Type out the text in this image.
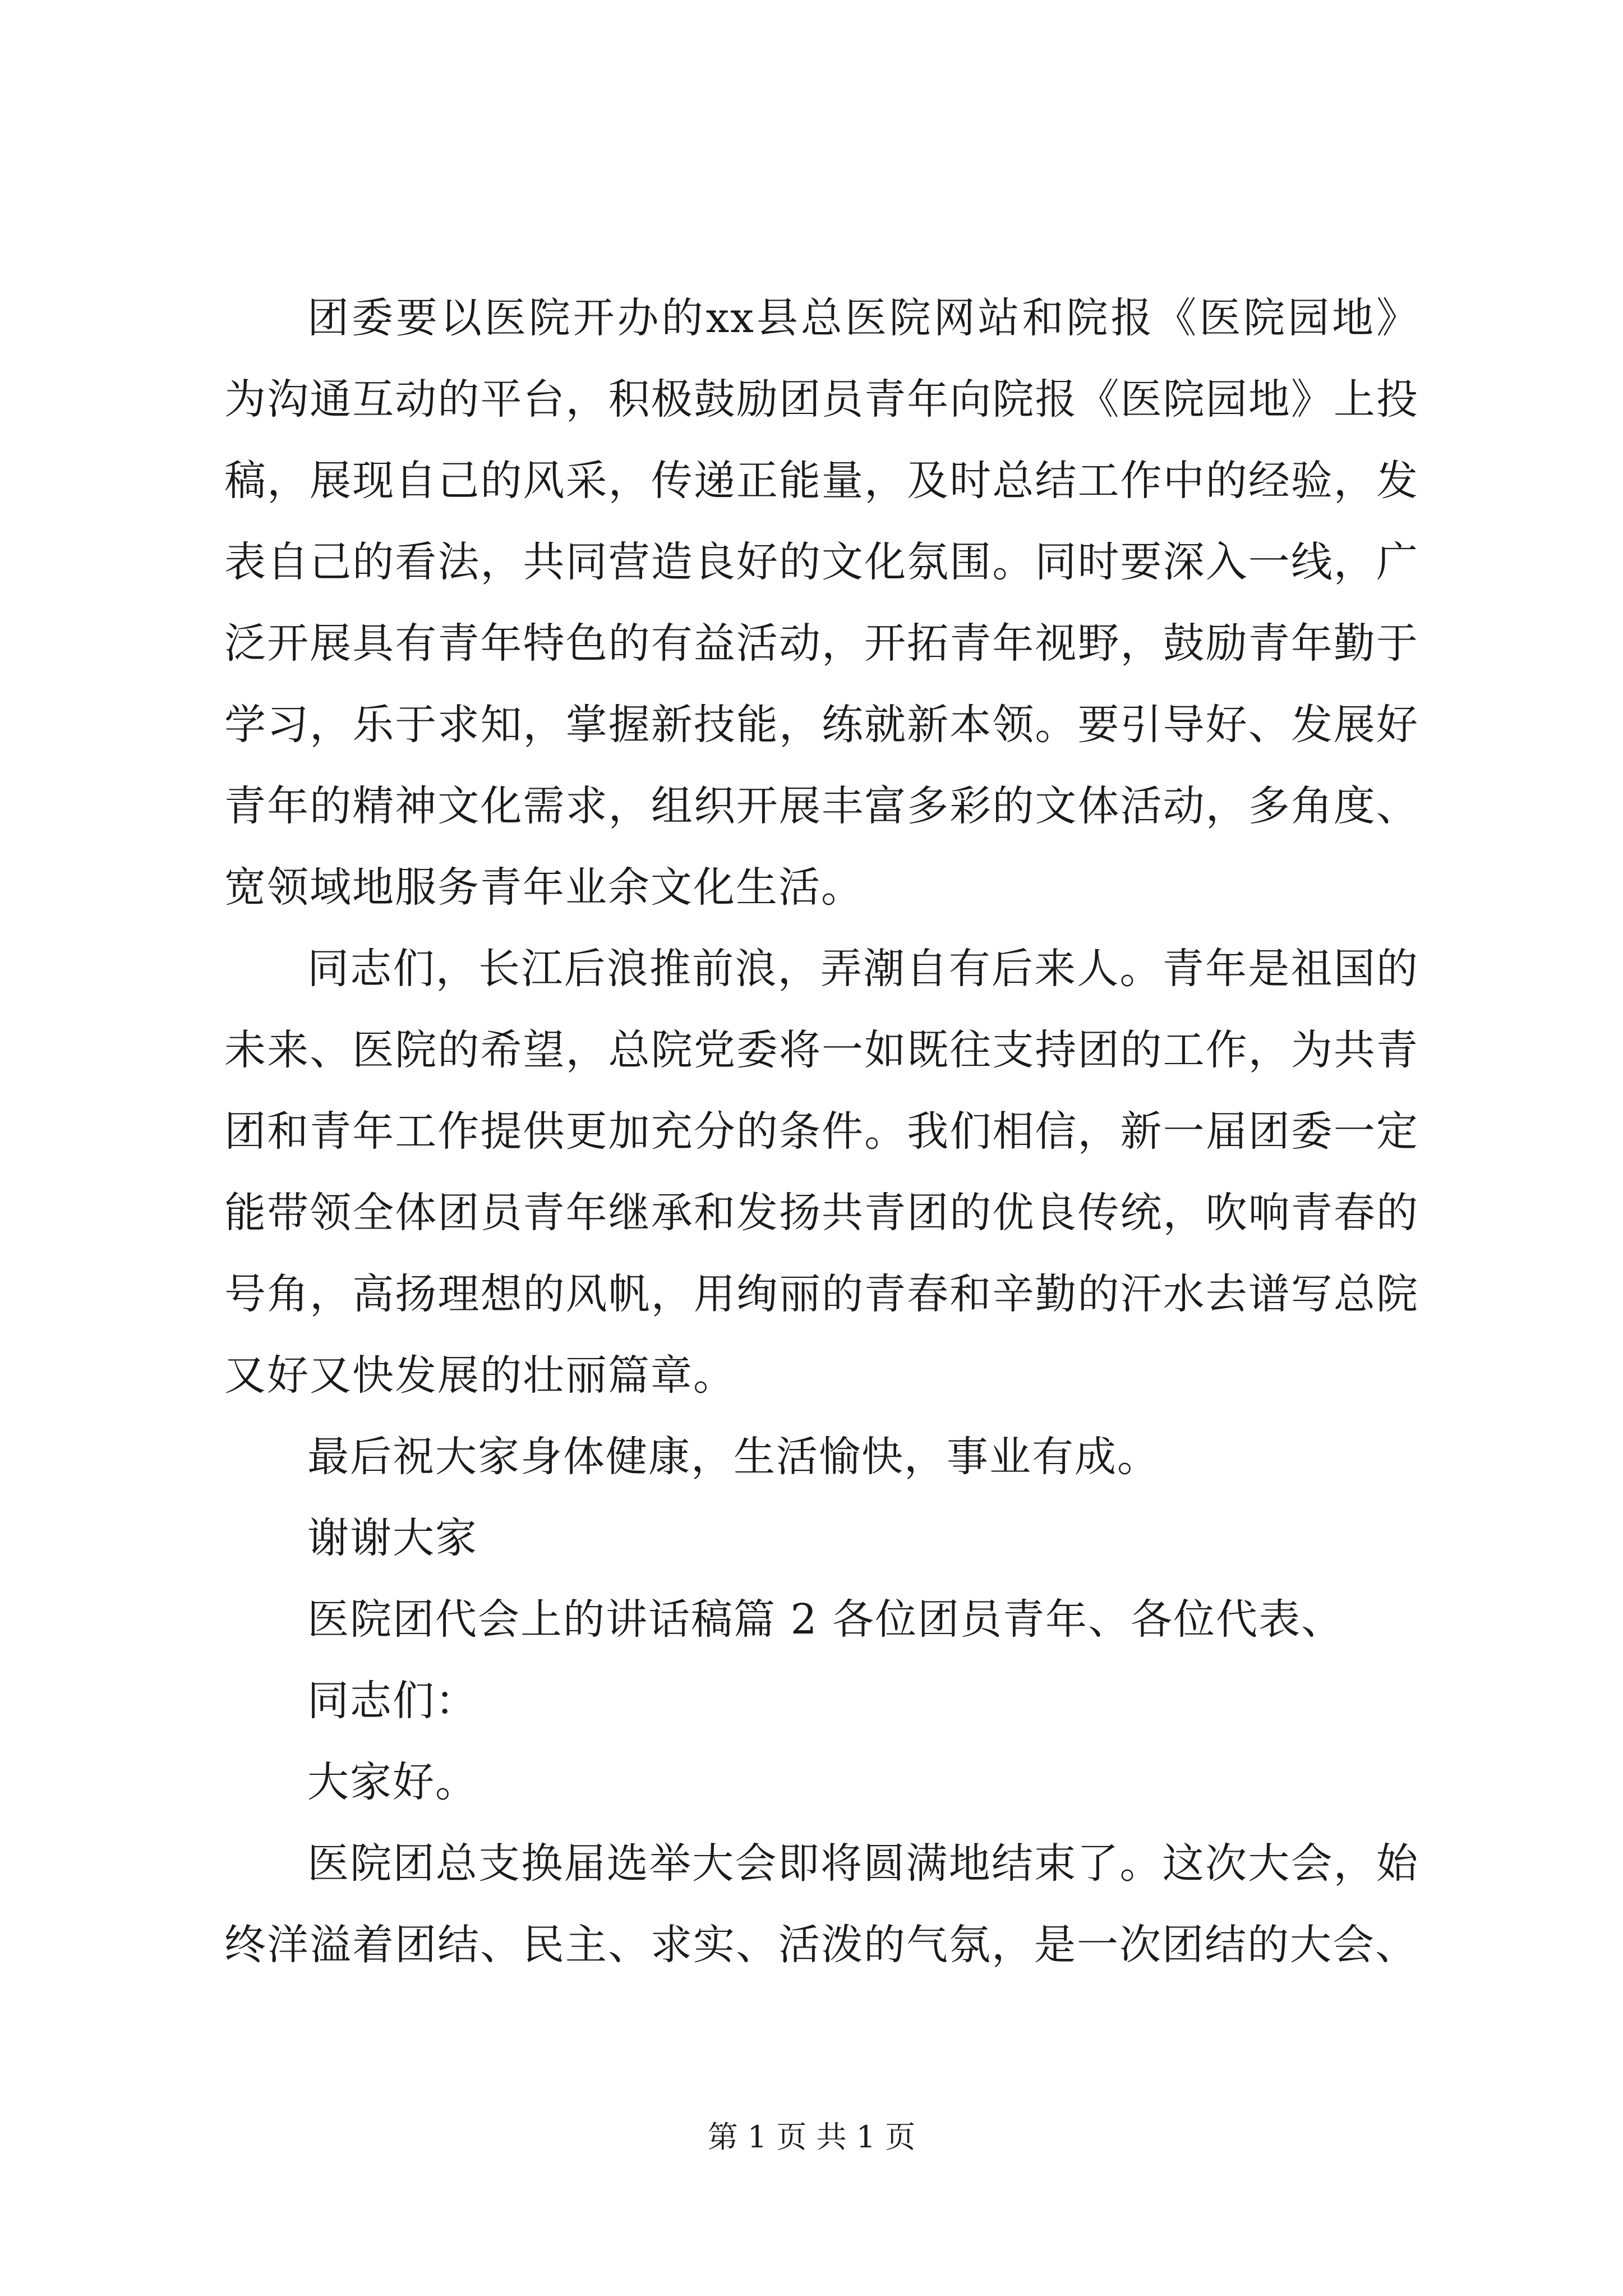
团委要以医院开办的xx县总医院网站和院报《医院园地》为沟通互动的平台，积极鼓励团员青年向院报《医院园地》上投稿，展现自己的风采，传递正能量，及时总结工作中的经验，发表自己的看法，共同营造良好的文化氛围。同时要深入一线，广泛开展具有青年特色的有益活动，开拓青年视野，鼓励青年勤于学习，乐于求知，掌握新技能，练就新本领。要引导好、发展好青年的精神文化需求，组织开展丰富多彩的文体活动，多角度、宽领域地服务青年业余文化生活。

同志们，长江后浪推前浪，弄潮自有后来人。青年是祖国的未来、医院的希望，总院党委将一如既往支持团的工作，为共青团和青年工作提供更加充分的条件。我们相信，新一届团委一定能带领全体团员青年继承和发扬共青团的优良传统，吹响青春的号角，高扬理想的风帆，用绚丽的青春和辛勤的汗水去谱写总院又好又快发展的壮丽篇章。

最后祝大家身体健康，生活愉快，事业有成。

谢谢大家

医院团代会上的讲话稿篇 2 各位团员青年、各位代表、

同志们：

大家好。

医院团总支换届选举大会即将圆满地结束了。这次大会，始终洋溢着团结、民主、求实、活泼的气氛，是一次团结的大会、

第 1 页 共 1 页
